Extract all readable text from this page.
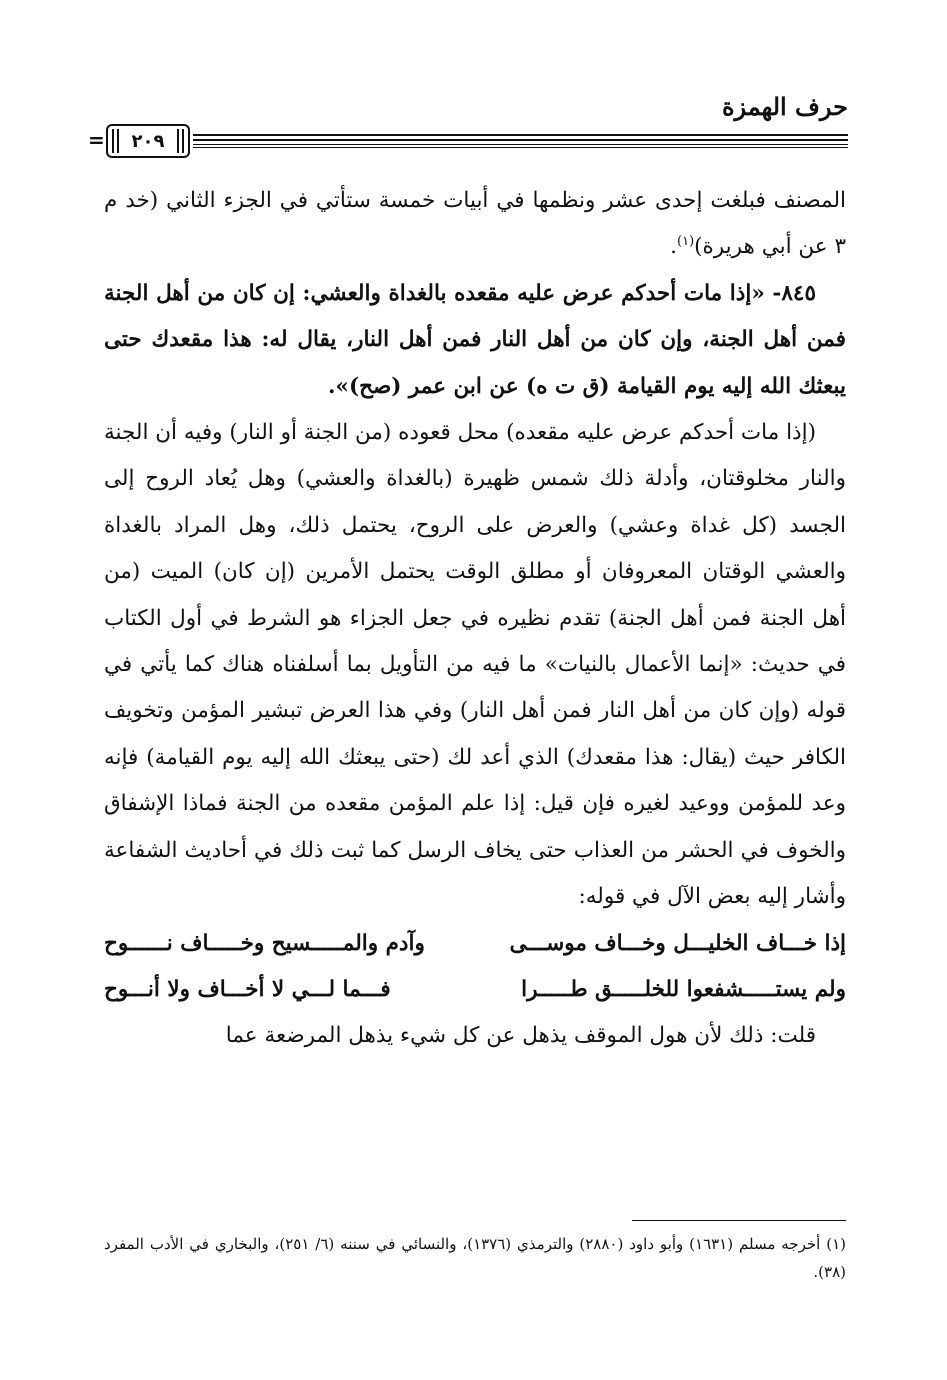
حرف الهمزة
=	٢٠٩

المصنف فبلغت إحدى عشر ونظمها في أبيات خمسة ستأتي في الجزء الثاني (خد م ٣ عن أبي هريرة)$^{(١)}$.

٨٤٥- «إذا مات أحدكم عرض عليه مقعده بالغداة والعشي: إن كان من أهل الجنة فمن أهل الجنة، وإن كان من أهل النار فمن أهل النار، يقال له: هذا مقعدك حتى يبعثك الله إليه يوم القيامة (ق ت ه) عن ابن عمر (صح)».

(إذا مات أحدكم عرض عليه مقعده) محل قعوده (من الجنة أو النار) وفيه أن الجنة والنار مخلوقتان، وأدلة ذلك شمس ظهيرة (بالغداة والعشي) وهل يُعاد الروح إلى الجسد (كل غداة وعشي) والعرض على الروح، يحتمل ذلك، وهل المراد بالغداة والعشي الوقتان المعروفان أو مطلق الوقت يحتمل الأمرين (إن كان) الميت (من أهل الجنة فمن أهل الجنة) تقدم نظيره في جعل الجزاء هو الشرط في أول الكتاب في حديث: «إنما الأعمال بالنيات» ما فيه من التأويل بما أسلفناه هناك كما يأتي في قوله (وإن كان من أهل النار فمن أهل النار) وفي هذا العرض تبشير المؤمن وتخويف الكافر حيث (يقال: هذا مقعدك) الذي أعد لك (حتى يبعثك الله إليه يوم القيامة) فإنه وعد للمؤمن ووعيد لغيره فإن قيل: إذا علم المؤمن مقعده من الجنة فماذا الإشفاق والخوف في الحشر من العذاب حتى يخاف الرسل كما ثبت ذلك في أحاديث الشفاعة وأشار إليه بعض الآل في قوله:

إذا خـــاف الخليـــل وخـــاف موســـى
وآدم والمـــــسيح وخـــــاف نــــــوح
ولم يستـــــشفعوا للخلـــــق طـــــرا
فـــما لـــي لا أخـــاف ولا أنـــوح

قلت: ذلك لأن هول الموقف يذهل عن كل شيء يذهل المرضعة عما

(١) أخرجه مسلم (١٦٣١) وأبو داود (٢٨٨٠) والترمذي (١٣٧٦)، والنسائي في سننه (٦/ ٢٥١)، والبخاري في الأدب المفرد (٣٨).
